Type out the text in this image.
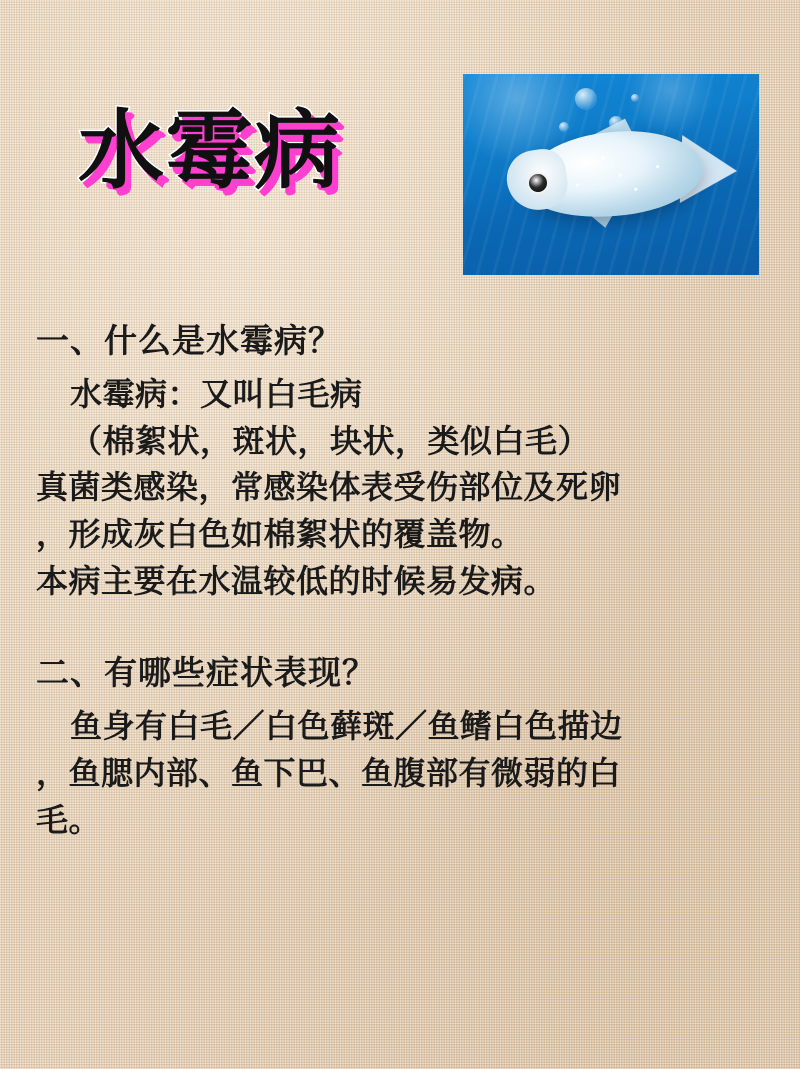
水霉病

一、什么是水霉病？

水霉病：又叫白毛病

（棉絮状，斑状，块状，类似白毛）

真菌类感染，常感染体表受伤部位及死卵

，形成灰白色如棉絮状的覆盖物。

本病主要在水温较低的时候易发病。

二、有哪些症状表现？

鱼身有白毛／白色藓斑／鱼鳍白色描边

，鱼腮内部、鱼下巴、鱼腹部有微弱的白

毛。
